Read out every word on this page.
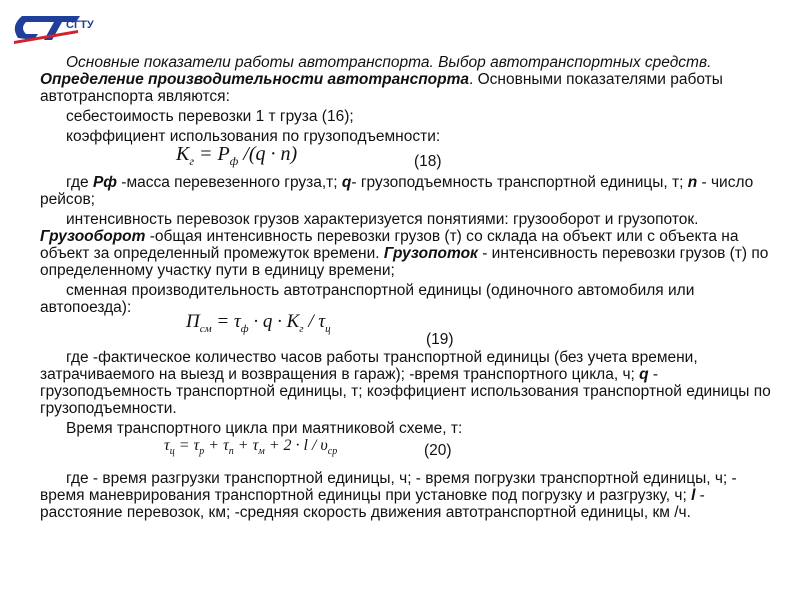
СГТУ

Основные показатели работы автотранспорта. Выбор автотранспортных средств. Определение производительности автотранспорта. Основными показателями работы автотранспорта являются:

себестоимость перевозки 1 т груза (16);

коэффициент использования по грузоподъемности:

$K_г = P_ф$ /(q · n)	(18)

где Рф -масса перевезенного груза,т; q- грузоподъемность транспортной единицы, т; n - число рейсов;

интенсивность перевозок грузов характеризуется понятиями: грузооборот и грузопоток. Грузооборот -общая интенсивность перевозки грузов (т) со склада на объект или с объекта на объект за определенный промежуток времени. Грузопоток - интенсивность перевозки грузов (т) по определенному участку пути в единицу времени;

сменная производительность автотранспортной единицы (одиночного автомобиля или автопоезда):

$П_{см} = \tau_ф \cdot q \cdot K_г / \tau_ц$
(19)

где -фактическое количество часов работы транспортной единицы (без учета времени, затрачиваемого на выезд и возвращения в гараж); -время транспортного цикла, ч; q - грузоподъемность транспортной единицы, т; коэффициент использования транспортной единицы по грузоподъемности.

Время транспортного цикла при маятниковой схеме, т:

$\tau_ц = \tau_р + \tau_п + \tau_м + 2 \cdot l / \upsilon_{ср}$	(20)

где - время разгрузки транспортной единицы, ч; - время погрузки транспортной единицы, ч; - время маневрирования транспортной единицы при установке под погрузку и разгрузку, ч; l - расстояние перевозок, км; -средняя скорость движения автотранспортной единицы, км /ч.
